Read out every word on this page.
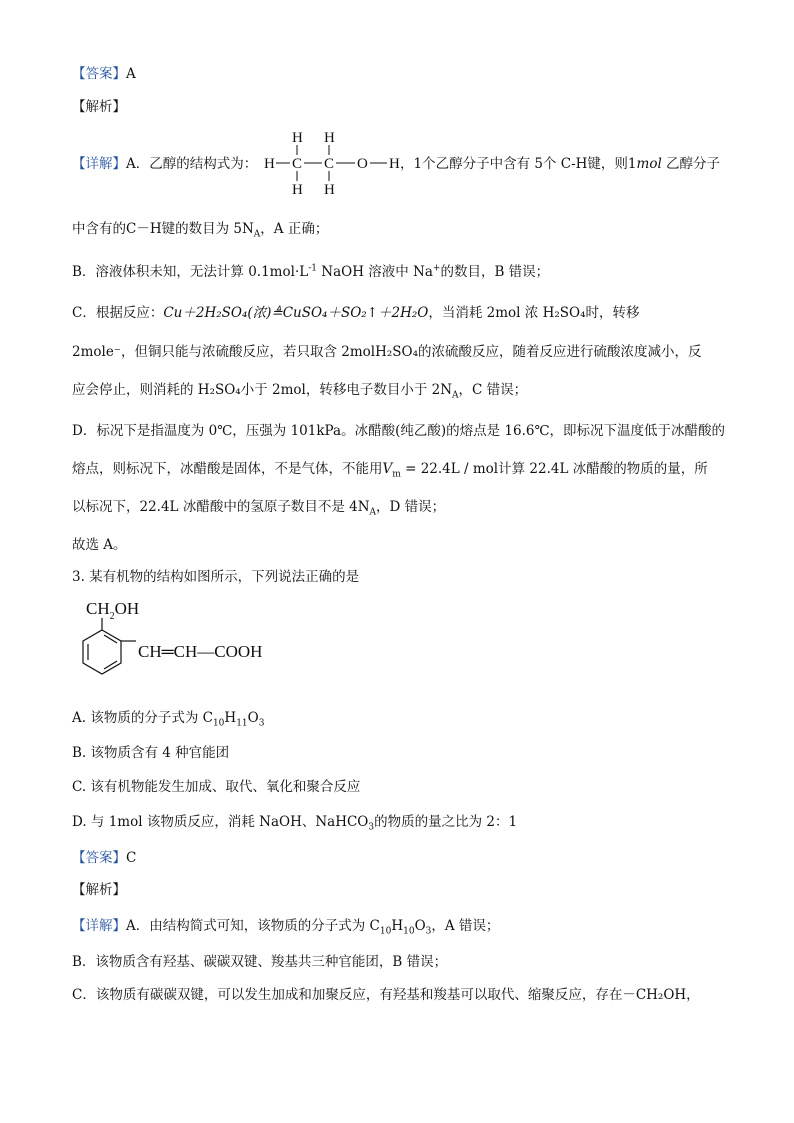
【答案】A
【解析】
【详解】A．乙醇的结构式为：
H H
H C C O H
H H
，1个乙醇分子中含有 5个 C-H键，则1mol 乙醇分子
中含有的C－H键的数目为 $5N_A$，A 正确；
B．溶液体积未知，无法计算 $0.1mol\cdot L^{-1}$ NaOH 溶液中 Na+的数目，B 错误；
C．根据反应：Cu＋2H₂SO₄(浓)≜CuSO₄＋SO₂↑＋2H₂O，当消耗 2mol 浓 H₂SO₄时，转移
2mole⁻，但铜只能与浓硫酸反应，若只取含 2molH₂SO₄的浓硫酸反应，随着反应进行硫酸浓度减小，反
应会停止，则消耗的 H₂SO₄小于 2mol，转移电子数目小于 $2N_A$，C 错误；
D．标况下是指温度为 0℃，压强为 101kPa。冰醋酸(纯乙酸)的熔点是 16.6℃，即标况下温度低于冰醋酸的
熔点，则标况下，冰醋酸是固体，不是气体，不能用$V_m = 22.4L$ / mol计算 22.4L 冰醋酸的物质的量，所
以标况下，22.4L 冰醋酸中的氢原子数目不是 $4N_A$，D 错误；
故选 A。
3. 某有机物的结构如图所示，下列说法正确的是
$CH_2OH$
CH═CH—COOH
A. 该物质的分子式为 $C_{10}H_{11}O_3$
B. 该物质含有 4 种官能团
C. 该有机物能发生加成、取代、氧化和聚合反应
D. 与 1mol 该物质反应，消耗 NaOH、NaHCO$_3$的物质的量之比为 2：1
【答案】C
【解析】
【详解】A．由结构简式可知，该物质的分子式为 $C_{10}H_{10}O_3$，A 错误；
B．该物质含有羟基、碳碳双键、羧基共三种官能团，B 错误；
C．该物质有碳碳双键，可以发生加成和加聚反应，有羟基和羧基可以取代、缩聚反应，存在－CH₂OH，
